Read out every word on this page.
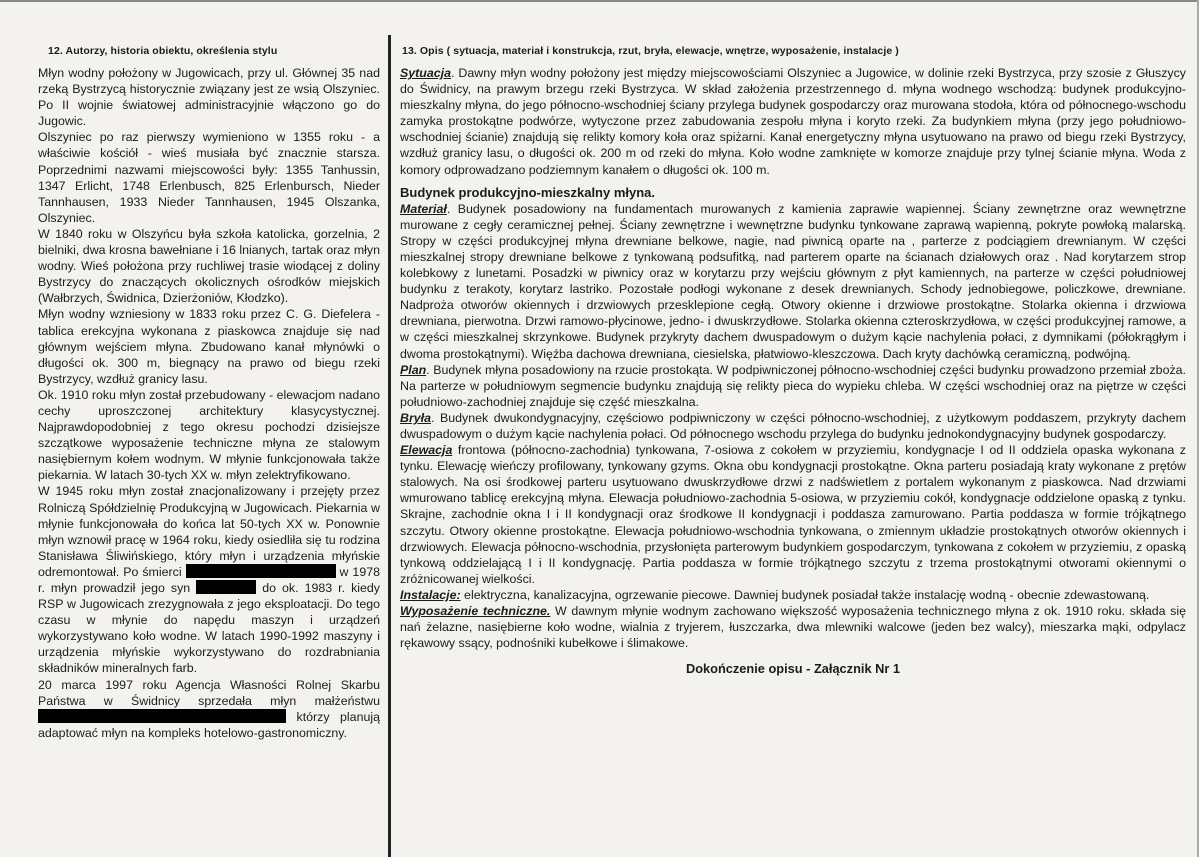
12. Autorzy, historia obiektu, określenia stylu

Młyn wodny położony w Jugowicach, przy ul. Głównej 35 nad rzeką Bystrzycą historycznie związany jest ze wsią Olszyniec. Po II wojnie światowej administracyjnie włączono go do Jugowic.

Olszyniec po raz pierwszy wymieniono w 1355 roku - a właściwie kościół - wieś musiała być znacznie starsza. Poprzednimi nazwami miejscowości były: 1355 Tanhussin, 1347 Erlicht, 1748 Erlenbusch, 825 Erlenbursch, Nieder Tannhausen, 1933 Nieder Tannhausen, 1945 Olszanka, Olszyniec.

W 1840 roku w Olszyńcu była szkoła katolicka, gorzelnia, 2 bielniki, dwa krosna bawełniane i 16 lnianych, tartak oraz młyn wodny. Wieś położona przy ruchliwej trasie wiodącej z doliny Bystrzycy do znaczących okolicznych ośrodków miejskich (Wałbrzych, Świdnica, Dzierżoniów, Kłodzko).

Młyn wodny wzniesiony w 1833 roku przez C. G. Diefelera - tablica erekcyjna wykonana z piaskowca znajduje się nad głównym wejściem młyna. Zbudowano kanał młynówki o długości ok. 300 m, biegnący na prawo od biegu rzeki Bystrzycy, wzdłuż granicy lasu.

Ok. 1910 roku młyn został przebudowany - elewacjom nadano cechy uproszczonej architektury klasycystycznej. Najprawdopodobniej z tego okresu pochodzi dzisiejsze szczątkowe wyposażenie techniczne młyna ze stalowym nasiębiernym kołem wodnym. W młynie funkcjonowała także piekarnia. W latach 30-tych XX w. młyn zelektryfikowano.

W 1945 roku młyn został znacjonalizowany i przejęty przez Rolniczą Spółdzielnię Produkcyjną w Jugowicach. Piekarnia w młynie funkcjonowała do końca lat 50-tych XX w. Ponownie młyn wznowił pracę w 1964 roku, kiedy osiedliła się tu rodzina Stanisława Śliwińskiego, który młyn i urządzenia młyńskie odremontował. Po śmierci	w 1978 r. młyn prowadził jego syn	do ok. 1983 r. kiedy RSP w Jugowicach zrezygnowała z jego eksploatacji. Do tego czasu w młynie do napędu maszyn i urządzeń wykorzystywano koło wodne. W latach 1990-1992 maszyny i urządzenia młyńskie wykorzystywano do rozdrabniania składników mineralnych farb.

20 marca 1997 roku Agencja Własności Rolnej Skarbu Państwa w Świdnicy sprzedała młyn małżeństwu  którzy planują adaptować młyn na kompleks hotelowo-gastronomiczny.

13. Opis ( sytuacja, materiał i konstrukcja, rzut, bryła, elewacje, wnętrze, wyposażenie, instalacje )

Sytuacja. Dawny młyn wodny położony jest między miejscowościami Olszyniec a Jugowice, w dolinie rzeki Bystrzyca, przy szosie z Głuszycy do Świdnicy, na prawym brzegu rzeki Bystrzyca. W skład założenia przestrzennego d. młyna wodnego wschodzą: budynek produkcyjno-mieszkalny młyna, do jego północno-wschodniej ściany przylega budynek gospodarczy oraz murowana stodoła, która od północnego-wschodu zamyka prostokątne podwórze, wytyczone przez zabudowania zespołu młyna i koryto rzeki. Za budynkiem młyna (przy jego południowo-wschodniej ścianie) znajdują się relikty komory koła oraz spiżarni. Kanał energetyczny młyna usytuowano na prawo od biegu rzeki Bystrzycy, wzdłuż granicy lasu, o długości ok. 200 m od rzeki do młyna. Koło wodne zamknięte w komorze znajduje przy tylnej ścianie młyna. Woda z komory odprowadzano podziemnym kanałem o długości ok. 100 m.

Budynek produkcyjno-mieszkalny młyna.

Materiał. Budynek posadowiony na fundamentach murowanych z kamienia zaprawie wapiennej. Ściany zewnętrzne oraz wewnętrzne murowane z cegły ceramicznej pełnej. Ściany zewnętrzne i wewnętrzne budynku tynkowane zaprawą wapienną, pokryte powłoką malarską. Stropy w części produkcyjnej młyna drewniane belkowe, nagie, nad piwnicą oparte na , parterze z podciągiem drewnianym. W części mieszkalnej stropy drewniane belkowe z tynkowaną podsufitką, nad parterem oparte na ścianach działowych oraz . Nad korytarzem strop kolebkowy z lunetami. Posadzki w piwnicy oraz w korytarzu przy wejściu głównym z płyt kamiennych, na parterze w części południowej budynku z terakoty, korytarz lastriko. Pozostałe podłogi wykonane z desek drewnianych. Schody jednobiegowe, policzkowe, drewniane. Nadproża otworów okiennych i drzwiowych przesklepione cegłą. Otwory okienne i drzwiowe prostokątne. Stolarka okienna i drzwiowa drewniana, pierwotna. Drzwi ramowo-płycinowe, jedno- i dwuskrzydłowe. Stolarka okienna czteroskrzydłowa, w części produkcyjnej ramowe, a w części mieszkalnej skrzynkowe. Budynek przykryty dachem dwuspadowym o dużym kącie nachylenia połaci, z dymnikami (półokrągłym i dwoma prostokątnymi). Więźba dachowa drewniana, ciesielska, płatwiowo-kleszczowa. Dach kryty dachówką ceramiczną, podwójną.

Plan. Budynek młyna posadowiony na rzucie prostokąta. W podpiwniczonej północno-wschodniej części budynku prowadzono przemiał zboża. Na parterze w południowym segmencie budynku znajdują się relikty pieca do wypieku chleba. W części wschodniej oraz na piętrze w części południowo-zachodniej znajduje się część mieszkalna.

Bryła. Budynek dwukondygnacyjny, częściowo podpiwniczony w części północno-wschodniej, z użytkowym poddaszem, przykryty dachem dwuspadowym o dużym kącie nachylenia połaci. Od północnego wschodu przylega do budynku jednokondygnacyjny budynek gospodarczy.

Elewacja frontowa (północno-zachodnia) tynkowana, 7-osiowa z cokołem w przyziemiu, kondygnacje I od II oddziela opaska wykonana z tynku. Elewację wieńczy profilowany, tynkowany gzyms. Okna obu kondygnacji prostokątne. Okna parteru posiadają kraty wykonane z prętów stalowych. Na osi środkowej parteru usytuowano dwuskrzydłowe drzwi z nadświetlem z portalem wykonanym z piaskowca. Nad drzwiami wmurowano tablicę erekcyjną młyna. Elewacja południowo-zachodnia 5-osiowa, w przyziemiu cokół, kondygnacje oddzielone opaską z tynku. Skrajne, zachodnie okna I i II kondygnacji oraz środkowe II kondygnacji i poddasza zamurowano. Partia poddasza w formie trójkątnego szczytu. Otwory okienne prostokątne. Elewacja południowo-wschodnia tynkowana, o zmiennym układzie prostokątnych otworów okiennych i drzwiowych. Elewacja północno-wschodnia, przysłonięta parterowym budynkiem gospodarczym, tynkowana z cokołem w przyziemiu, z opaską tynkową oddzielającą I i II kondygnację. Partia poddasza w formie trójkątnego szczytu z trzema prostokątnymi otworami okiennymi o zróżnicowanej wielkości.

Instalacje: elektryczna, kanalizacyjna, ogrzewanie piecowe. Dawniej budynek posiadał także instalację wodną - obecnie zdewastowaną.

Wyposażenie techniczne. W dawnym młynie wodnym zachowano większość wyposażenia technicznego młyna z ok. 1910 roku. składa się nań żelazne, nasiębierne koło wodne, wialnia z tryjerem, łuszczarka, dwa mlewniki walcowe (jeden bez walcy), mieszarka mąki, odpylacz rękawowy ssący, podnośniki kubełkowe i ślimakowe.

Dokończenie opisu - Załącznik Nr 1
